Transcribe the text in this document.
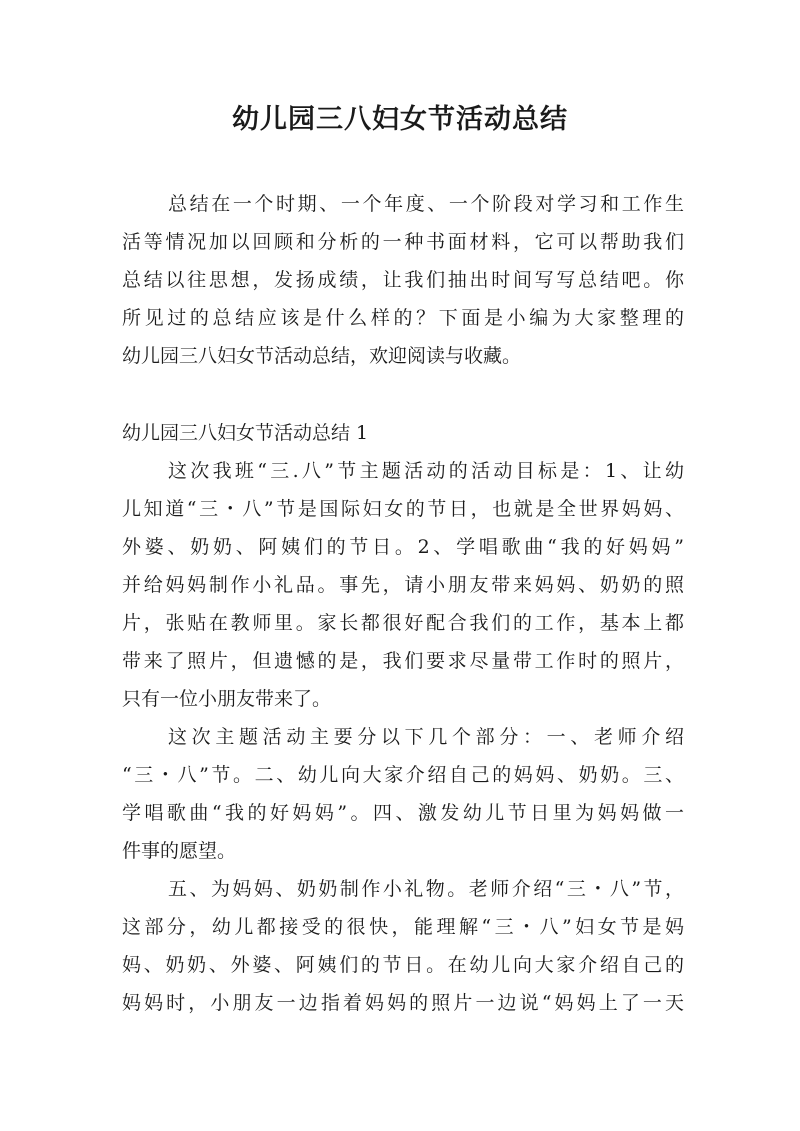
幼儿园三八妇女节活动总结
总结在一个时期、一个年度、一个阶段对学习和工作生
活等情况加以回顾和分析的一种书面材料，它可以帮助我们
总结以往思想，发扬成绩，让我们抽出时间写写总结吧。你
所见过的总结应该是什么样的？下面是小编为大家整理的
幼儿园三八妇女节活动总结，欢迎阅读与收藏。
幼儿园三八妇女节活动总结 1
这次我班“三.八”节主题活动的活动目标是：1、让幼
儿知道“三・八”节是国际妇女的节日，也就是全世界妈妈、
外婆、奶奶、阿姨们的节日。2、学唱歌曲“我的好妈妈”
并给妈妈制作小礼品。事先，请小朋友带来妈妈、奶奶的照
片，张贴在教师里。家长都很好配合我们的工作，基本上都
带来了照片，但遗憾的是，我们要求尽量带工作时的照片，
只有一位小朋友带来了。
这次主题活动主要分以下几个部分：一、老师介绍
“三・八”节。二、幼儿向大家介绍自己的妈妈、奶奶。三、
学唱歌曲“我的好妈妈”。四、激发幼儿节日里为妈妈做一
件事的愿望。
五、为妈妈、奶奶制作小礼物。老师介绍“三・八”节，
这部分，幼儿都接受的很快，能理解“三・八”妇女节是妈
妈、奶奶、外婆、阿姨们的节日。在幼儿向大家介绍自己的
妈妈时，小朋友一边指着妈妈的照片一边说“妈妈上了一天
